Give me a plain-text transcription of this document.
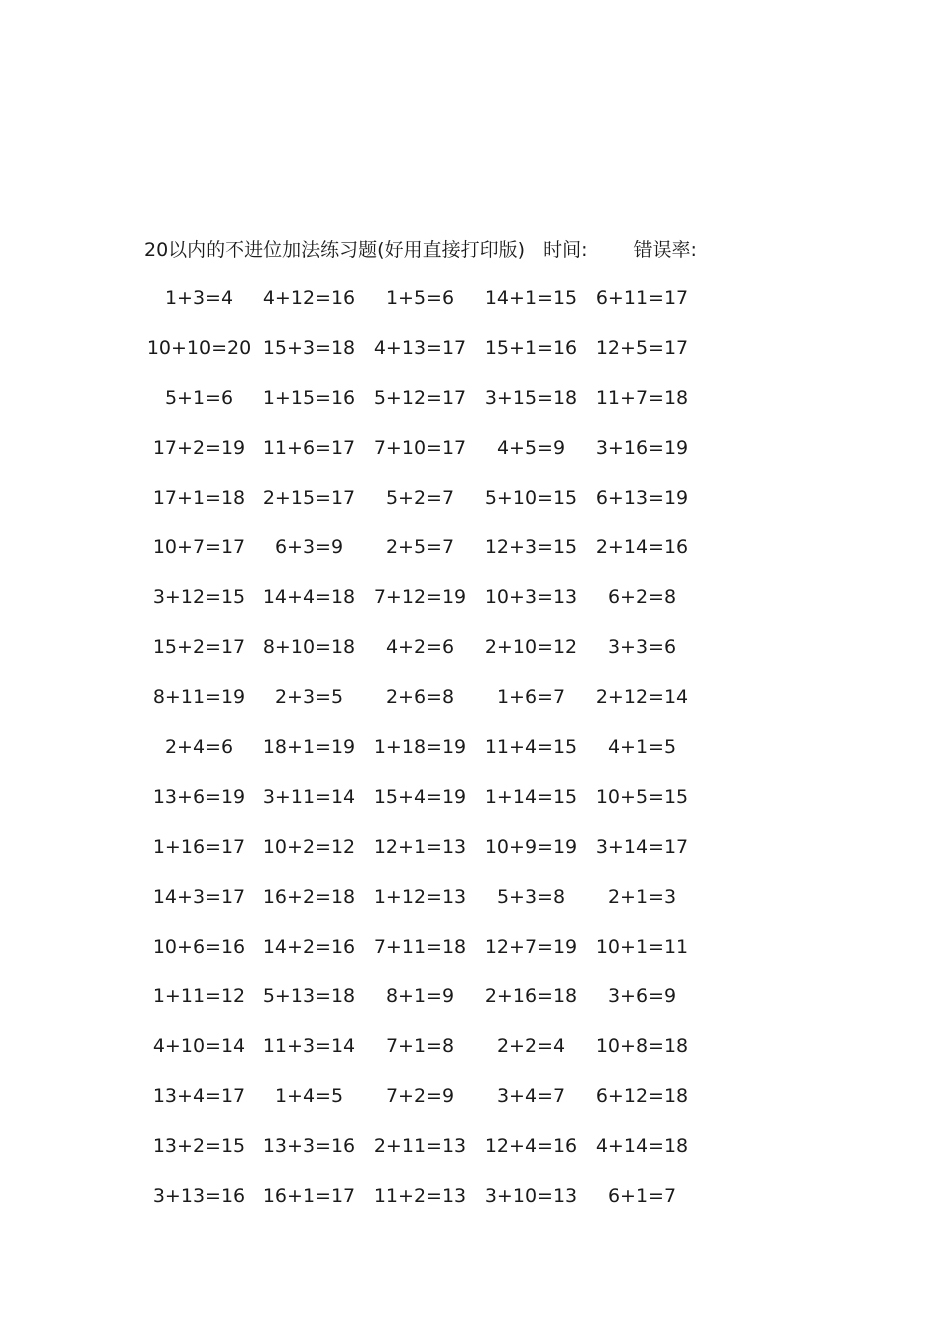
20以内的不进位加法练习题(好用直接打印版) 时间: 错误率:
1+3=4	4+12=16	1+5=6	14+1=15 6+11=17
10+10=20 15+3=18 4+13=17 15+1=16 12+5=17
5+1=6	1+15=16 5+12=17 3+15=18 11+7=18
17+2=19 11+6=17 7+10=17	4+5=9	3+16=19
17+1=18 2+15=17	5+2=7	5+10=15 6+13=19
10+7=17	6+3=9	2+5=7	12+3=15 2+14=16
3+12=15 14+4=18 7+12=19 10+3=13	6+2=8
15+2=17 8+10=18	4+2=6	2+10=12	3+3=6
8+11=19	2+3=5	2+6=8	1+6=7	2+12=14
2+4=6	18+1=19 1+18=19 11+4=15	4+1=5
13+6=19 3+11=14 15+4=19 1+14=15 10+5=15
1+16=17 10+2=12 12+1=13 10+9=19 3+14=17
14+3=17 16+2=18 1+12=13	5+3=8	2+1=3
10+6=16 14+2=16 7+11=18 12+7=19 10+1=11
1+11=12 5+13=18	8+1=9	2+16=18	3+6=9
4+10=14 11+3=14	7+1=8	2+2=4	10+8=18
13+4=17	1+4=5	7+2=9	3+4=7	6+12=18
13+2=15 13+3=16 2+11=13 12+4=16 4+14=18
3+13=16 16+1=17 11+2=13 3+10=13	6+1=7
